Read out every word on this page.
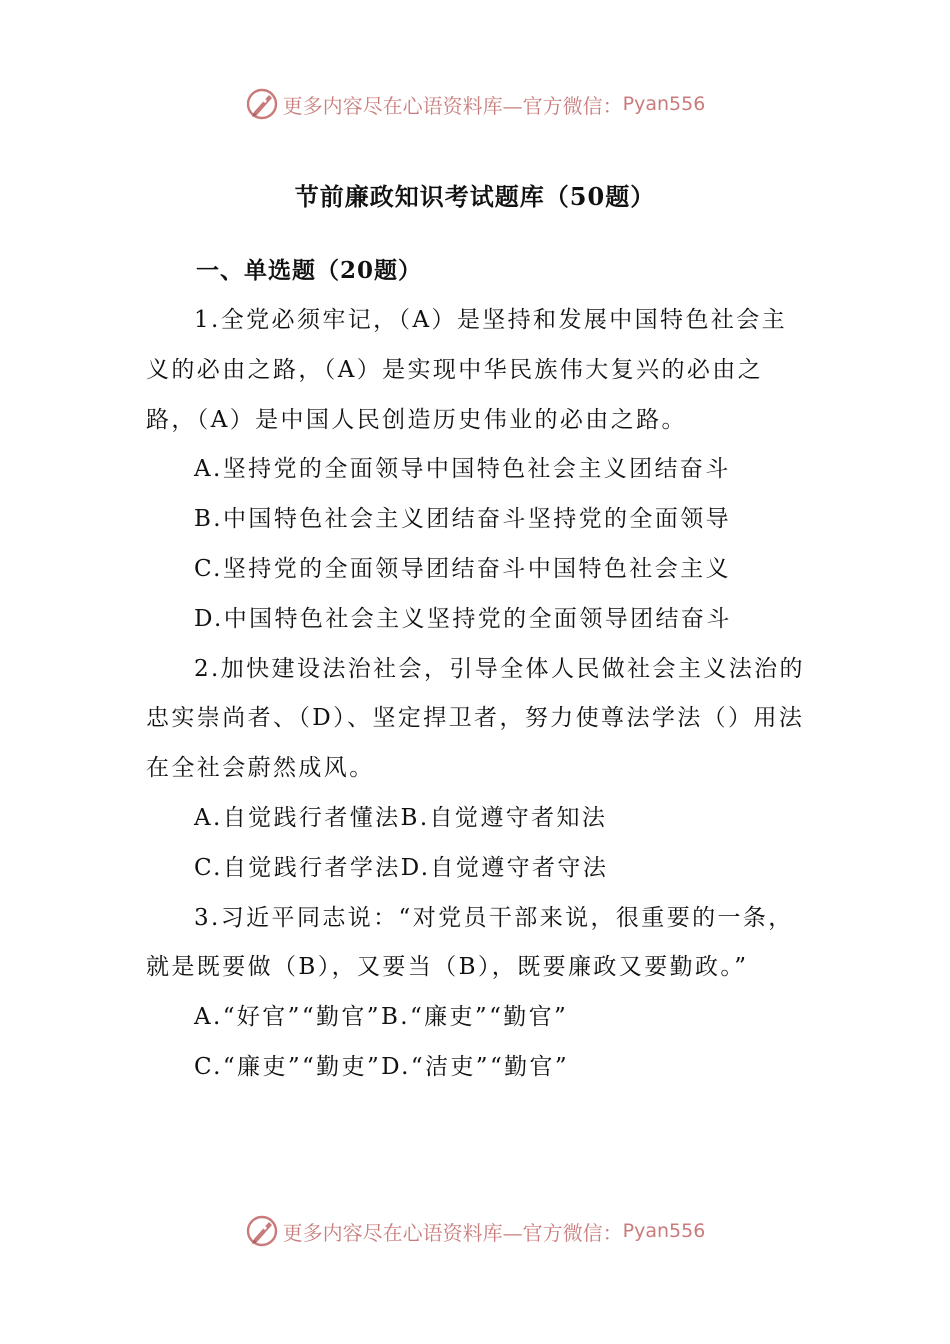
更多内容尽在心语资料库—官方微信： Pyan556
节前廉政知识考试题库（50题）
一、单选题（20题）

1.全党必须牢记，（A）是坚持和发展中国特色社会主义的必由之路，（A）是实现中华民族伟大复兴的必由之路，（A）是中国人民创造历史伟业的必由之路。

A.坚持党的全面领导中国特色社会主义团结奋斗

B.中国特色社会主义团结奋斗坚持党的全面领导

C.坚持党的全面领导团结奋斗中国特色社会主义

D.中国特色社会主义坚持党的全面领导团结奋斗

2.加快建设法治社会，引导全体人民做社会主义法治的忠实崇尚者、（D）、坚定捍卫者，努力使尊法学法（）用法在全社会蔚然成风。

A.自觉践行者懂法B.自觉遵守者知法

C.自觉践行者学法D.自觉遵守者守法

3.习近平同志说：“对党员干部来说，很重要的一条，就是既要做（B），又要当（B），既要廉政又要勤政。”

A.“好官”“勤官”B.“廉吏”“勤官”

C.“廉吏”“勤吏”D.“洁吏”“勤官”

更多内容尽在心语资料库—官方微信： Pyan556
